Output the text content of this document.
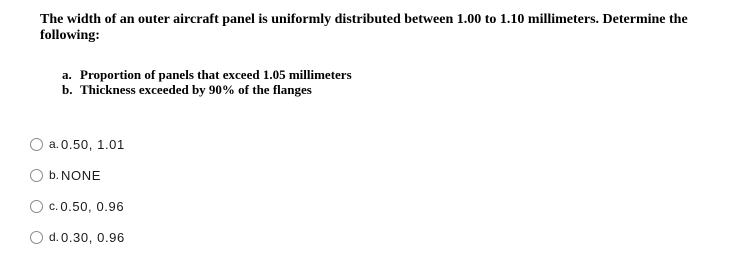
The width of an outer aircraft panel is uniformly distributed between 1.00 to 1.10 millimeters. Determine the following:

a. Proportion of panels that exceed 1.05 millimeters
b. Thickness exceeded by 90% of the flanges
a. 0.50, 1.01
b. NONE
c. 0.50, 0.96
d. 0.30, 0.96
